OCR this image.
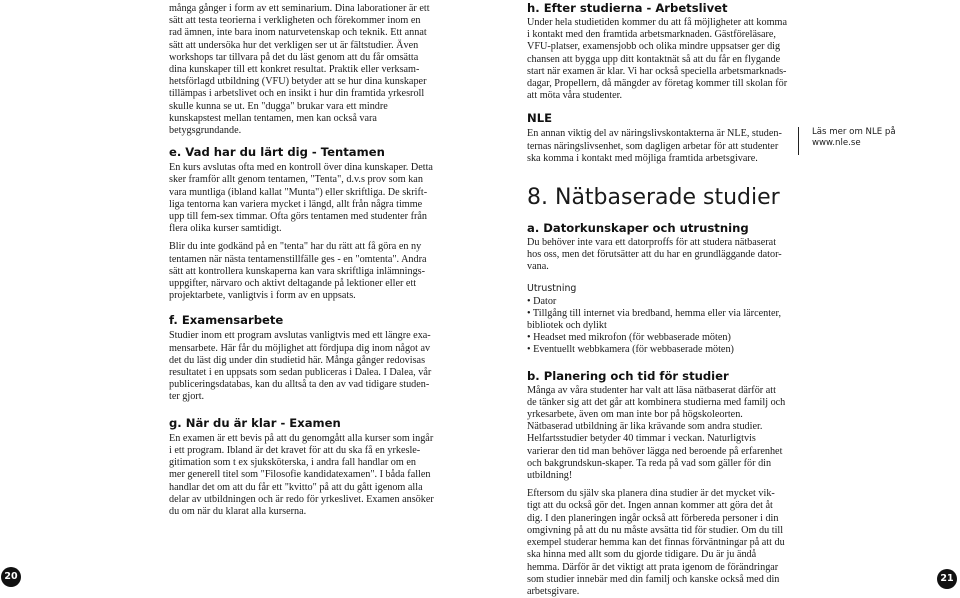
många gånger i form av ett seminarium. Dina laborationer är ett sätt att testa teorierna i verkligheten och förekommer inom en rad ämnen, inte bara inom naturvetenskap och teknik. Ett annat sätt att undersöka hur det verkligen ser ut är fältstudier. Även workshops tar tillvara på det du läst genom att du får omsätta dina kunskaper till ett konkret resultat. Praktik eller verksam-hetsförlagd utbildning (VFU) betyder att se hur dina kunskaper tillämpas i arbetslivet och en insikt i hur din framtida yrkesroll skulle kunna se ut. En "dugga" brukar vara ett mindre kunskapstest mellan tentamen, men kan också vara betygsgrundande.

e. Vad har du lärt dig - Tentamen

En kurs avslutas ofta med en kontroll över dina kunskaper. Detta sker framför allt genom tentamen, "Tenta", d.v.s prov som kan vara muntliga (ibland kallat "Munta") eller skriftliga. De skrift-liga tentorna kan variera mycket i längd, allt från några timme upp till fem-sex timmar. Ofta görs tentamen med studenter från flera olika kurser samtidigt.

Blir du inte godkänd på en "tenta" har du rätt att få göra en ny tentamen när nästa tentamenstillfälle ges - en "omtenta". Andra sätt att kontrollera kunskaperna kan vara skriftliga inlämnings-uppgifter, närvaro och aktivt deltagande på lektioner eller ett projektarbete, vanligtvis i form av en uppsats.

f. Examensarbete

Studier inom ett program avslutas vanligtvis med ett längre exa-mensarbete. Här får du möjlighet att fördjupa dig inom något av det du läst dig under din studietid här. Många gånger redovisas resultatet i en uppsats som sedan publiceras i Dalea. I Dalea, vår publiceringsdatabas, kan du alltså ta den av vad tidigare studen-ter gjort.

g. När du är klar - Examen

En examen är ett bevis på att du genomgått alla kurser som ingår i ett program. Ibland är det kravet för att du ska få en yrkesle-gitimation som t ex sjuksköterska, i andra fall handlar om en mer generell titel som "Filosofie kandidatexamen". I båda fallen handlar det om att du får ett "kvitto" på att du gått igenom alla delar av utbildningen och är redo för yrkeslivet. Examen ansöker du om när du klarat alla kurserna.

h. Efter studierna - Arbetslivet

Under hela studietiden kommer du att få möjligheter att komma i kontakt med den framtida arbetsmarknaden. Gästföreläsare, VFU-platser, examensjobb och olika mindre uppsatser ger dig chansen att bygga upp ditt kontaktnät så att du får en flygande start när examen är klar. Vi har också speciella arbetsmarknads-dagar, Propellern, då mängder av företag kommer till skolan för att möta våra studenter.

NLE

En annan viktig del av näringslivskontakterna är NLE, studen-ternas näringslivsenhet, som dagligen arbetar för att studenter ska komma i kontakt med möjliga framtida arbetsgivare.

8. Nätbaserade studier
a. Datorkunskaper och utrustning

Du behöver inte vara ett datorproffs för att studera nätbaserat hos oss, men det förutsätter att du har en grundläggande dator-vana.

Utrustning
• Dator
• Tillgång till internet via bredband, hemma eller via lärcenter, bibliotek och dylikt
• Headset med mikrofon (för webbaserade möten)
• Eventuellt webbkamera (för webbaserade möten)
b. Planering och tid för studier

Många av våra studenter har valt att läsa nätbaserat därför att de tänker sig att det går att kombinera studierna med familj och yrkesarbete, även om man inte bor på högskoleorten. Nätbaserad utbildning är lika krävande som andra studier. Helfartsstudier betyder 40 timmar i veckan. Naturligtvis varierar den tid man behöver lägga ned beroende på erfarenhet och bakgrundskun-skaper. Ta reda på vad som gäller för din utbildning!

Eftersom du själv ska planera dina studier är det mycket vik-tigt att du också gör det. Ingen annan kommer att göra det åt dig. I den planeringen ingår också att förbereda personer i din omgivning på att du nu måste avsätta tid för studier. Om du till exempel studerar hemma kan det finnas förväntningar på att du ska hinna med allt som du gjorde tidigare. Du är ju ändå hemma. Därför är det viktigt att prata igenom de förändringar som studier innebär med din familj och kanske också med din arbetsgivare.

Läs mer om NLE på
www.nle.se
20	21
